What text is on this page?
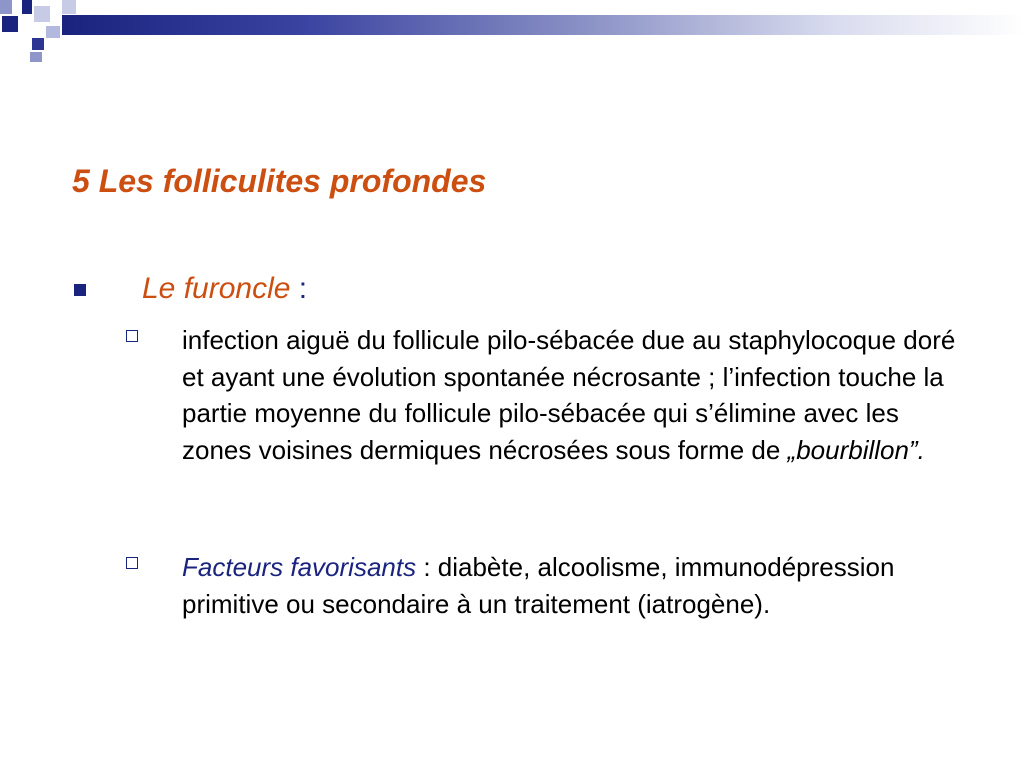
5 Les folliculites profondes
Le furoncle :
infection aiguë du follicule pilo-sébacée due au staphylocoque doré et ayant une évolution spontanée nécrosante ; l’infection touche la partie moyenne du follicule pilo-sébacée qui s’élimine avec les zones voisines dermiques nécrosées sous forme de „bourbillon”.
Facteurs favorisants : diabète, alcoolisme, immunodépression primitive ou secondaire à un traitement (iatrogène).
